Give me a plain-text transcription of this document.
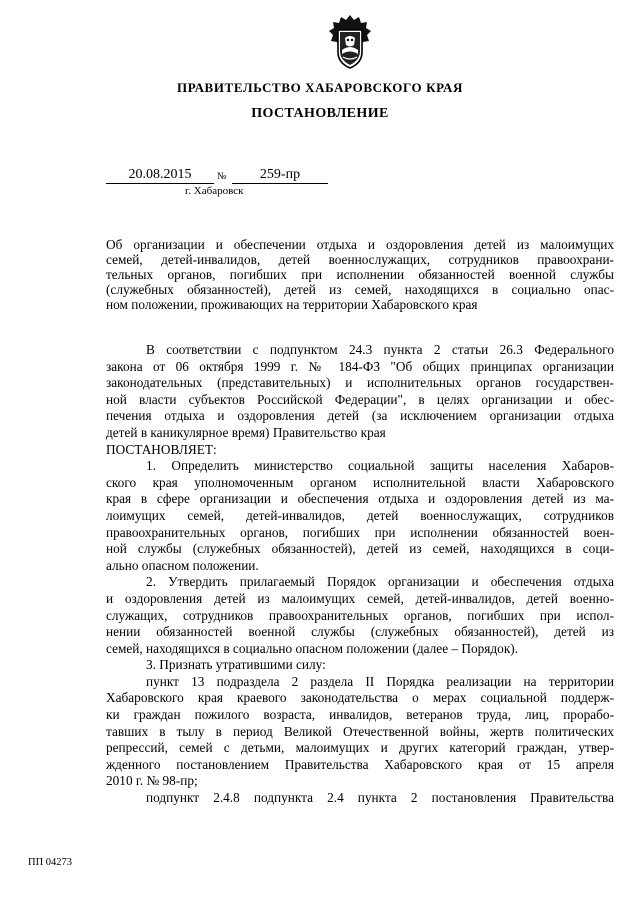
ПРАВИТЕЛЬСТВО ХАБАРОВСКОГО КРАЯ
ПОСТАНОВЛЕНИЕ
20.08.2015	№	259-пр
г. Хабаровск
Об организации и обеспечении отдыха и оздоровления детей из малоимущих
семей, детей-инвалидов, детей военнослужащих, сотрудников правоохрани-
тельных органов, погибших при исполнении обязанностей военной службы
(служебных обязанностей), детей из семей, находящихся в социально опас-
ном положении, проживающих на территории Хабаровского края
В соответствии с подпунктом 24.3 пункта 2 статьи 26.3 Федерального
закона от 06 октября 1999 г. № 184-ФЗ "Об общих принципах организации
законодательных (представительных) и исполнительных органов государствен-
ной власти субъектов Российской Федерации", в целях организации и обес-
печения отдыха и оздоровления детей (за исключением организации отдыха
детей в каникулярное время) Правительство края
ПОСТАНОВЛЯЕТ:
1. Определить министерство социальной защиты населения Хабаров-
ского края уполномоченным органом исполнительной власти Хабаровского
края в сфере организации и обеспечения отдыха и оздоровления детей из ма-
лоимущих семей, детей-инвалидов, детей военнослужащих, сотрудников
правоохранительных органов, погибших при исполнении обязанностей воен-
ной службы (служебных обязанностей), детей из семей, находящихся в соци-
ально опасном положении.
2. Утвердить прилагаемый Порядок организации и обеспечения отдыха
и оздоровления детей из малоимущих семей, детей-инвалидов, детей военно-
служащих, сотрудников правоохранительных органов, погибших при испол-
нении обязанностей военной службы (служебных обязанностей), детей из
семей, находящихся в социально опасном положении (далее – Порядок).
3. Признать утратившими силу:
пункт 13 подраздела 2 раздела II Порядка реализации на территории
Хабаровского края краевого законодательства о мерах социальной поддерж-
ки граждан пожилого возраста, инвалидов, ветеранов труда, лиц, прорабо-
тавших в тылу в период Великой Отечественной войны, жертв политических
репрессий, семей с детьми, малоимущих и других категорий граждан, утвер-
жденного постановлением Правительства Хабаровского края от 15 апреля
2010 г. № 98-пр;
подпункт 2.4.8 подпункта 2.4 пункта 2 постановления Правительства
ПП 04273
